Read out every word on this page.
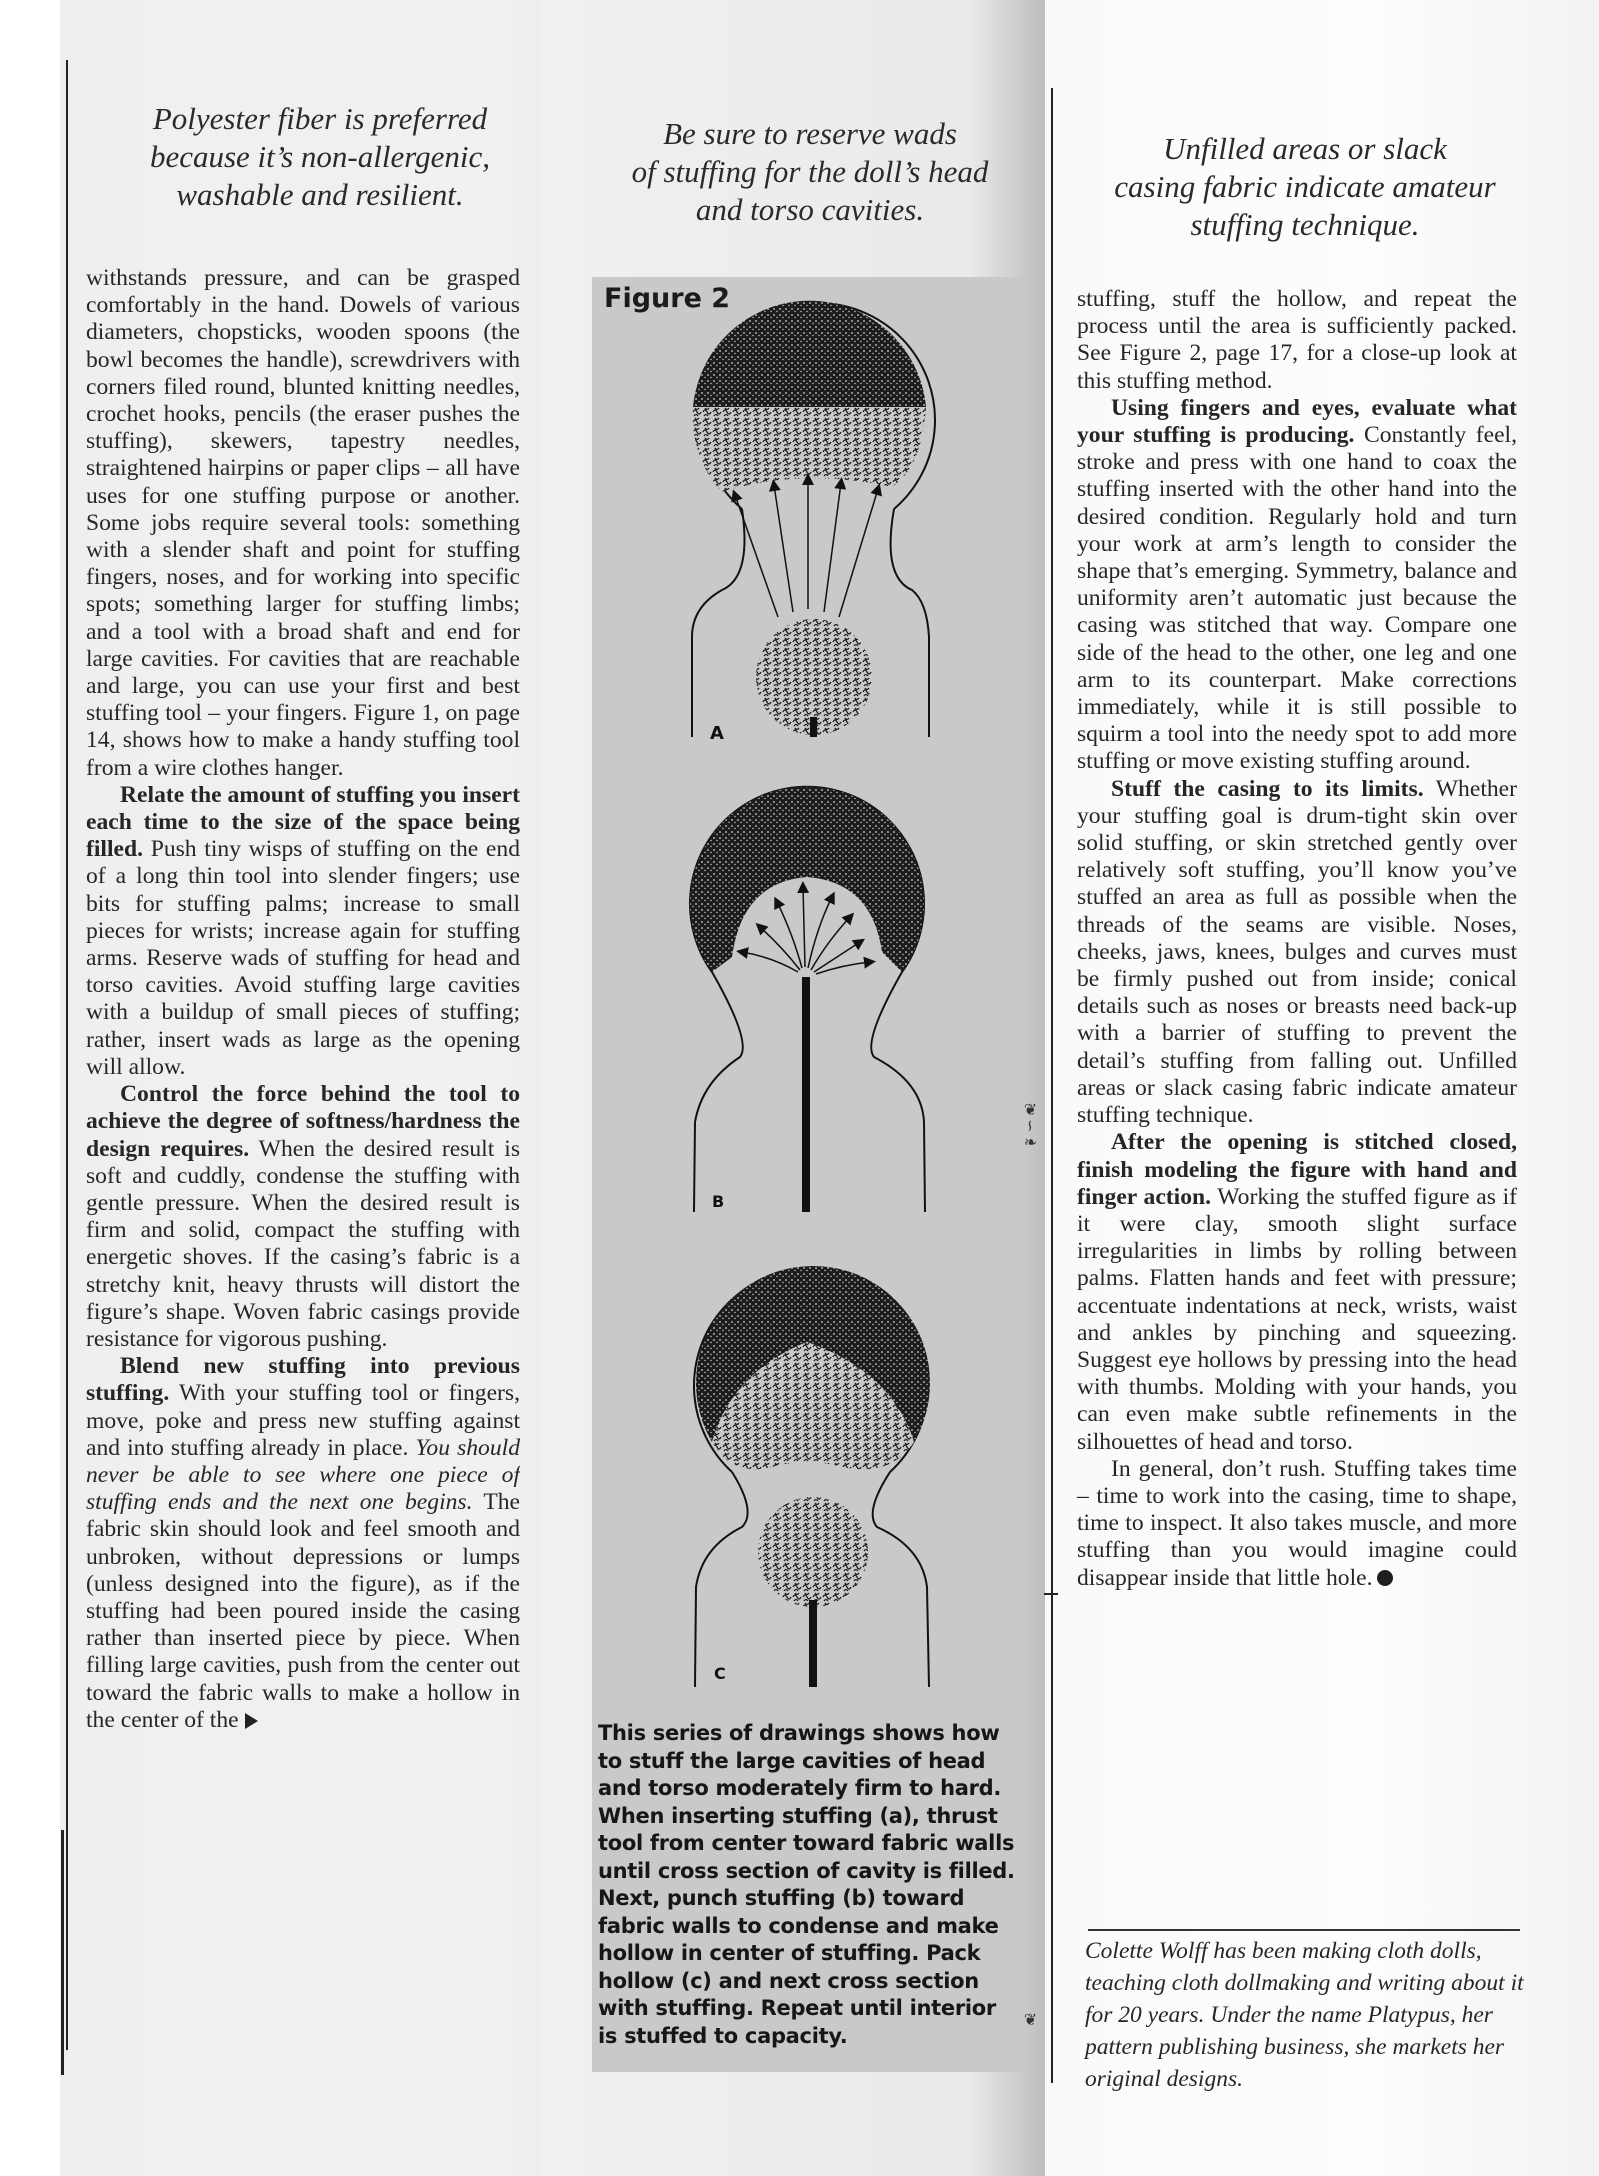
Polyester fiber is preferred
because it’s non-allergenic,
washable and resilient.
Be sure to reserve wads
of stuffing for the doll’s head
and torso cavities.
Unfilled areas or slack
casing fabric indicate amateur
stuffing technique.

withstands pressure, and can be grasped comfortably in the hand. Dowels of various diameters, chopsticks, wooden spoons (the bowl becomes the handle), screwdrivers with corners filed round, blunted knitting needles, crochet hooks, pencils (the eraser pushes the stuffing), skewers, tapestry needles, straightened hairpins or paper clips – all have uses for one stuffing purpose or another. Some jobs require several tools: something with a slender shaft and point for stuffing fingers, noses, and for working into specific spots; something larger for stuffing limbs; and a tool with a broad shaft and end for large cavities. For cavities that are reachable and large, you can use your first and best stuffing tool – your fingers. Figure 1, on page 14, shows how to make a handy stuffing tool from a wire clothes hanger.

Relate the amount of stuffing you insert each time to the size of the space being filled. Push tiny wisps of stuffing on the end of a long thin tool into slender fingers; use bits for stuffing palms; increase to small pieces for wrists; increase again for stuffing arms. Reserve wads of stuffing for head and torso cavities. Avoid stuffing large cavities with a buildup of small pieces of stuffing; rather, insert wads as large as the opening will allow.

Control the force behind the tool to achieve the degree of softness/hardness the design requires. When the desired result is soft and cuddly, condense the stuffing with gentle pressure. When the desired result is firm and solid, compact the stuffing with energetic shoves. If the casing’s fabric is a stretchy knit, heavy thrusts will distort the figure’s shape. Woven fabric casings provide resistance for vigorous pushing.

Blend new stuffing into previous stuffing. With your stuffing tool or fingers, move, poke and press new stuffing against and into stuffing already in place. You should never be able to see where one piece of stuffing ends and the next one begins. The fabric skin should look and feel smooth and unbroken, without depressions or lumps (unless designed into the figure), as if the stuffing had been poured inside the casing rather than inserted piece by piece. When filling large cavities, push from the center out toward the fabric walls to make a hollow in the center of the

Figure 2
A
B
C

This series of drawings shows how to stuff the large cavities of head and torso moderately firm to hard. When inserting stuffing (a), thrust tool from center toward fabric walls until cross section of cavity is filled. Next, punch stuffing (b) toward fabric walls to condense and make hollow in center of stuffing. Pack hollow (c) and next cross section with stuffing. Repeat until interior is stuffed to capacity.

❦∽❧
❦

stuffing, stuff the hollow, and repeat the process until the area is sufficiently packed. See Figure 2, page 17, for a close-up look at this stuffing method.

Using fingers and eyes, evaluate what your stuffing is producing. Constantly feel, stroke and press with one hand to coax the stuffing inserted with the other hand into the desired condition. Regularly hold and turn your work at arm’s length to consider the shape that’s emerging. Symmetry, balance and uniformity aren’t automatic just because the casing was stitched that way. Compare one side of the head to the other, one leg and one arm to its counterpart. Make corrections immediately, while it is still possible to squirm a tool into the needy spot to add more stuffing or move existing stuffing around.

Stuff the casing to its limits. Whether your stuffing goal is drum-tight skin over solid stuffing, or skin stretched gently over relatively soft stuffing, you’ll know you’ve stuffed an area as full as possible when the threads of the seams are visible. Noses, cheeks, jaws, knees, bulges and curves must be firmly pushed out from inside; conical details such as noses or breasts need back-up with a barrier of stuffing to prevent the detail’s stuffing from falling out. Unfilled areas or slack casing fabric indicate amateur stuffing technique.

After the opening is stitched closed, finish modeling the figure with hand and finger action. Working the stuffed figure as if it were clay, smooth slight surface irregularities in limbs by rolling between palms. Flatten hands and feet with pressure; accentuate indentations at neck, wrists, waist and ankles by pinching and squeezing. Suggest eye hollows by pressing into the head with thumbs. Molding with your hands, you can even make subtle refinements in the silhouettes of head and torso.

In general, don’t rush. Stuffing takes time – time to work into the casing, time to shape, time to inspect. It also takes muscle, and more stuffing than you would imagine could disappear inside that little hole.

Colette Wolff has been making cloth dolls, teaching cloth dollmaking and writing about it for 20 years. Under the name Platypus, her pattern publishing business, she markets her original designs.
